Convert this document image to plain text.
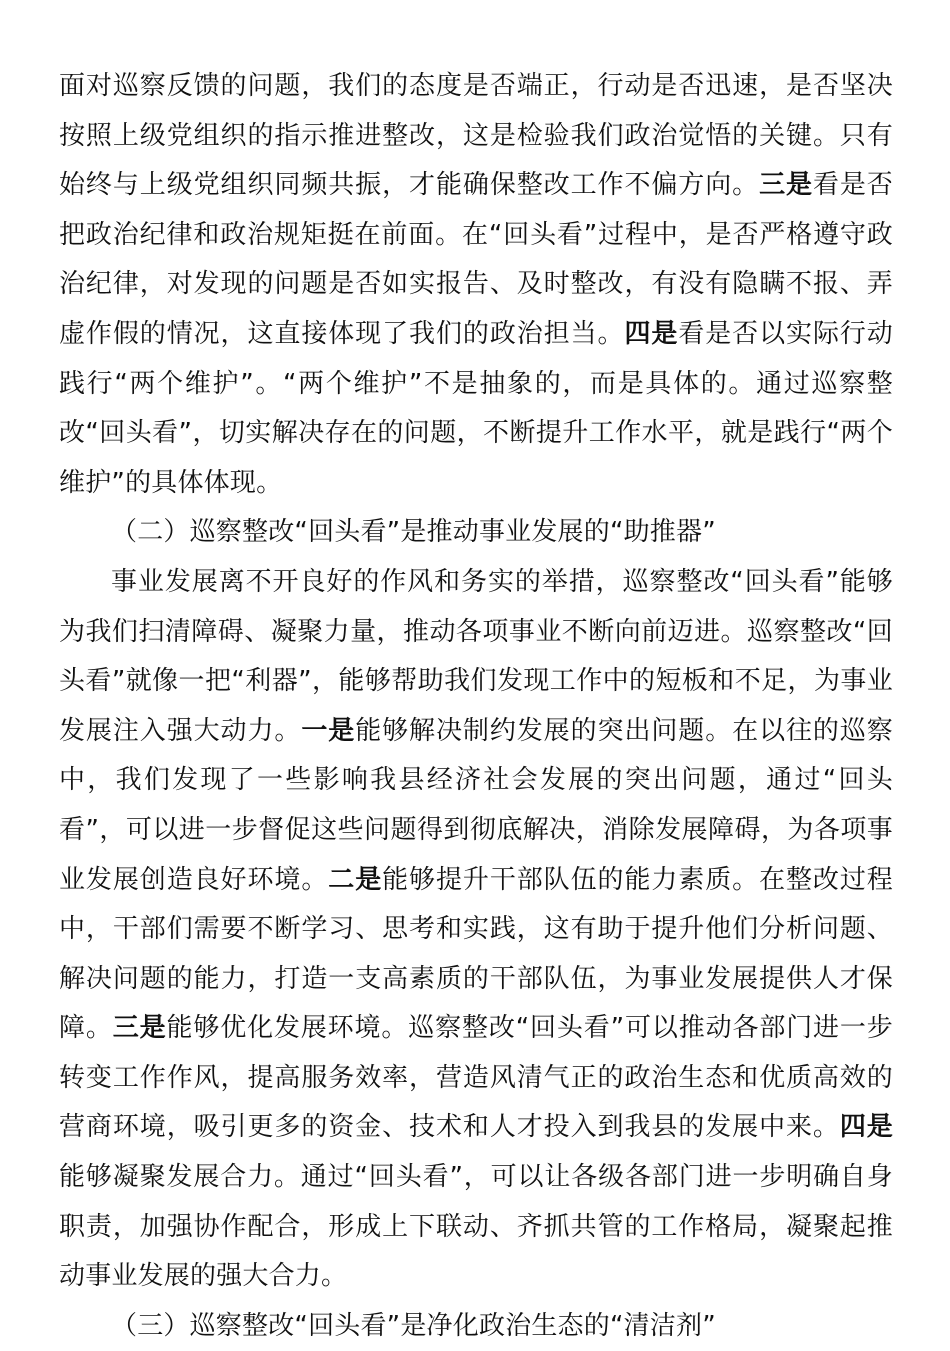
面对巡察反馈的问题，我们的态度是否端正，行动是否迅速，是否坚决按照上级党组织的指示推进整改，这是检验我们政治觉悟的关键。只有始终与上级党组织同频共振，才能确保整改工作不偏方向。三是看是否把政治纪律和政治规矩挺在前面。在“回头看”过程中，是否严格遵守政治纪律，对发现的问题是否如实报告、及时整改，有没有隐瞒不报、弄虚作假的情况，这直接体现了我们的政治担当。四是看是否以实际行动践行“两个维护”。“两个维护”不是抽象的，而是具体的。通过巡察整改“回头看”，切实解决存在的问题，不断提升工作水平，就是践行“两个维护”的具体体现。

（二）巡察整改“回头看”是推动事业发展的“助推器”

事业发展离不开良好的作风和务实的举措，巡察整改“回头看”能够为我们扫清障碍、凝聚力量，推动各项事业不断向前迈进。巡察整改“回头看”就像一把“利器”，能够帮助我们发现工作中的短板和不足，为事业发展注入强大动力。一是能够解决制约发展的突出问题。在以往的巡察中，我们发现了一些影响我县经济社会发展的突出问题，通过“回头看”，可以进一步督促这些问题得到彻底解决，消除发展障碍，为各项事业发展创造良好环境。二是能够提升干部队伍的能力素质。在整改过程中，干部们需要不断学习、思考和实践，这有助于提升他们分析问题、解决问题的能力，打造一支高素质的干部队伍，为事业发展提供人才保障。三是能够优化发展环境。巡察整改“回头看”可以推动各部门进一步转变工作作风，提高服务效率，营造风清气正的政治生态和优质高效的营商环境，吸引更多的资金、技术和人才投入到我县的发展中来。四是能够凝聚发展合力。通过“回头看”，可以让各级各部门进一步明确自身职责，加强协作配合，形成上下联动、齐抓共管的工作格局，凝聚起推动事业发展的强大合力。

（三）巡察整改“回头看”是净化政治生态的“清洁剂”
